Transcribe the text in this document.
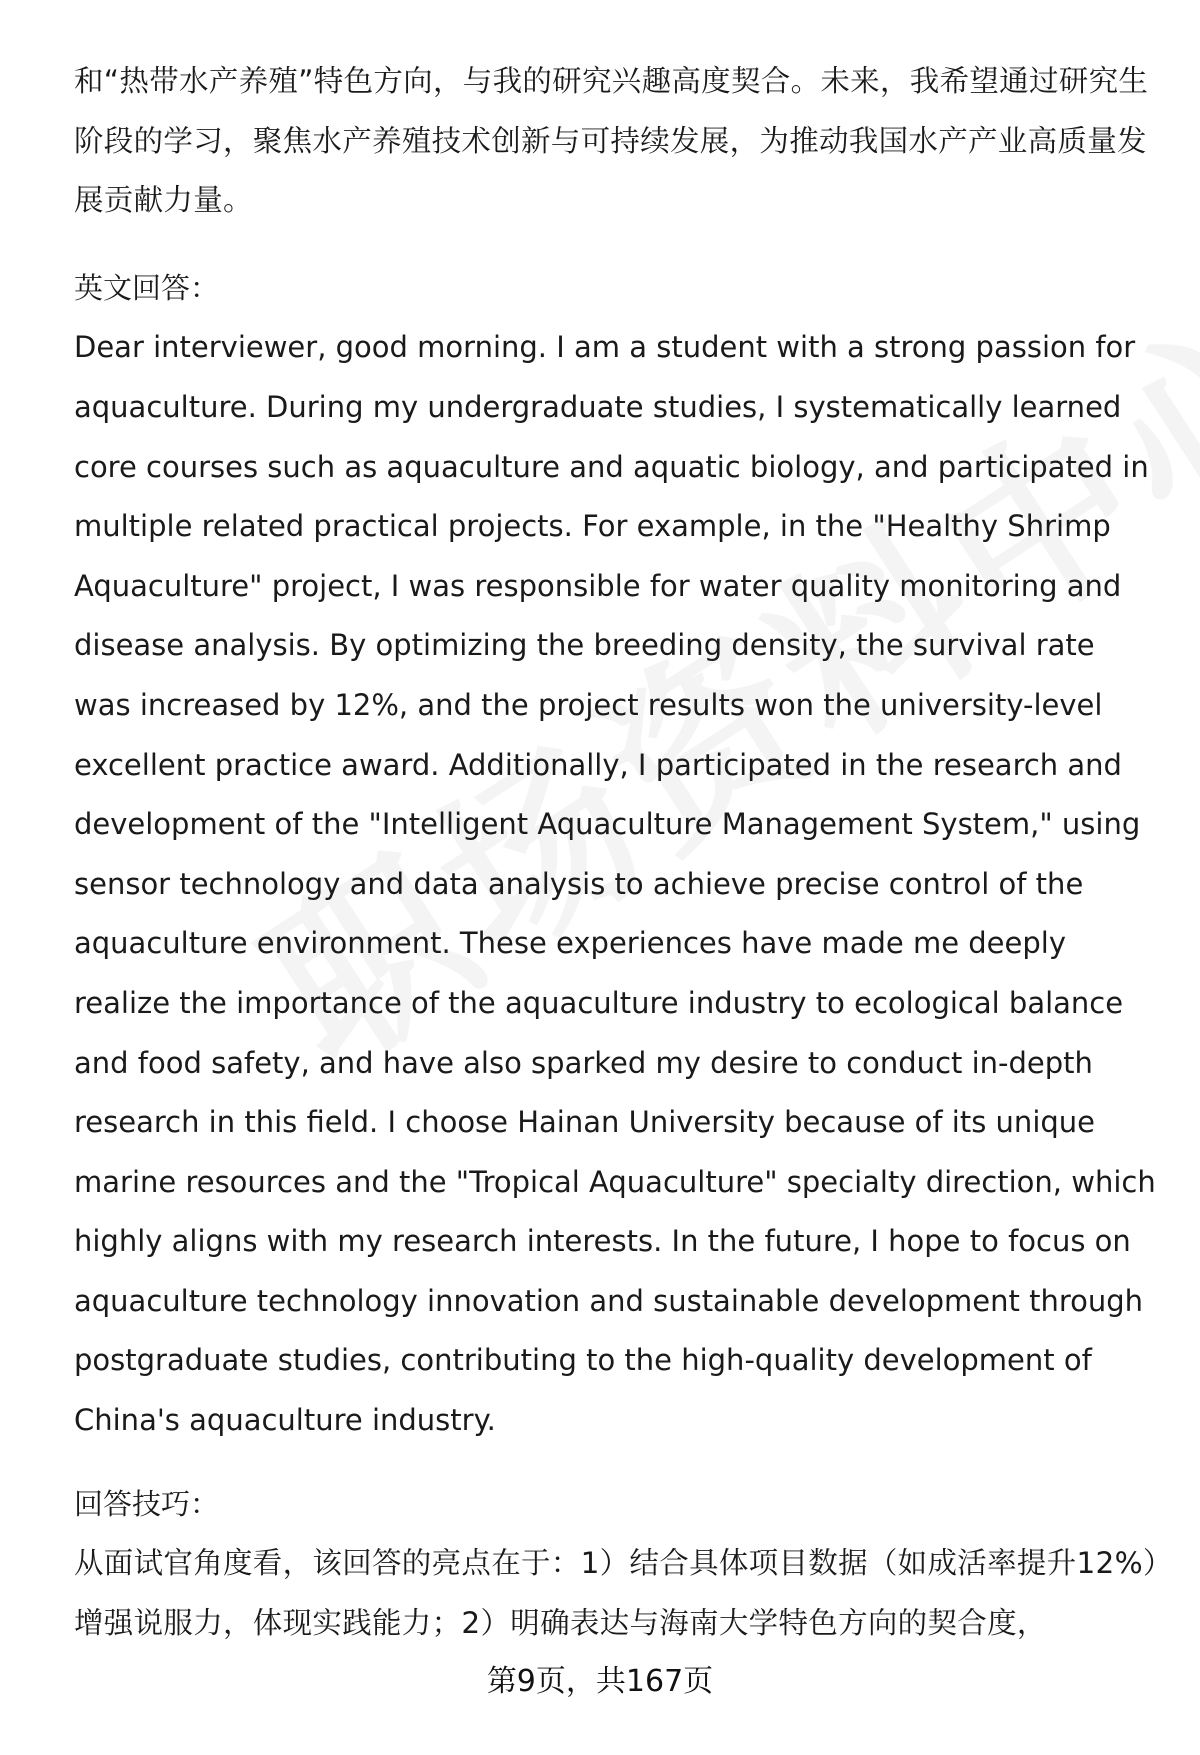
和“热带水产养殖”特色方向，与我的研究兴趣高度契合。未来，我希望通过研究生阶段的学习，聚焦水产养殖技术创新与可持续发展，为推动我国水产产业高质量发展贡献力量。

英文回答：

Dear interviewer, good morning. I am a student with a strong passion for aquaculture. During my undergraduate studies, I systematically learned core courses such as aquaculture and aquatic biology, and participated in multiple related practical projects. For example, in the "Healthy Shrimp Aquaculture" project, I was responsible for water quality monitoring and disease analysis. By optimizing the breeding density, the survival rate was increased by 12%, and the project results won the university-level excellent practice award. Additionally, I participated in the research and development of the "Intelligent Aquaculture Management System," using sensor technology and data analysis to achieve precise control of the aquaculture environment. These experiences have made me deeply realize the importance of the aquaculture industry to ecological balance and food safety, and have also sparked my desire to conduct in-depth research in this field. I choose Hainan University because of its unique marine resources and the "Tropical Aquaculture" specialty direction, which highly aligns with my research interests. In the future, I hope to focus on aquaculture technology innovation and sustainable development through postgraduate studies, contributing to the high-quality development of China's aquaculture industry.

回答技巧：

从面试官角度看，该回答的亮点在于：1）结合具体项目数据（如成活率提升12%）增强说服力，体现实践能力；2）明确表达与海南大学特色方向的契合度，

第9页，共167页
